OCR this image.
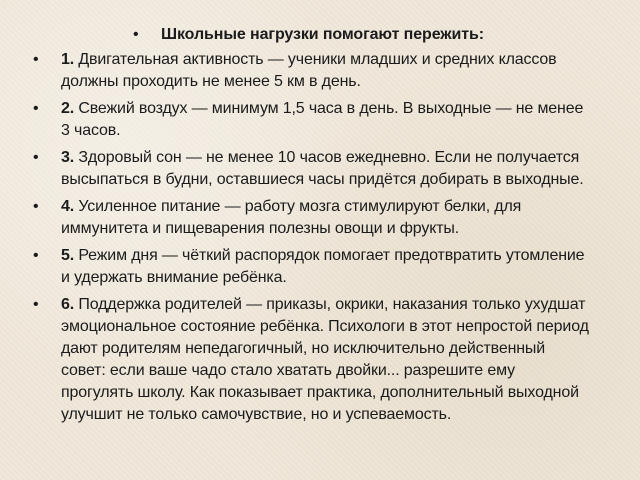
•	Школьные нагрузки помогают пережить:
•	1. Двигательная активность — ученики младших и средних классов должны проходить не менее 5 км в день.
•	2. Свежий воздух — минимум 1,5 часа в день. В выходные — не менее 3 часов.
•	3. Здоровый сон — не менее 10 часов ежедневно. Если не получается высыпаться в будни, оставшиеся часы придётся добирать в выходные.
•	4. Усиленное питание — работу мозга стимулируют белки, для иммунитета и пищеварения полезны овощи и фрукты.
•	5. Режим дня — чёткий распорядок помогает предотвратить утомление и удержать внимание ребёнка.
•	6. Поддержка родителей — приказы, окрики, наказания только ухудшат эмоциональное состояние ребёнка. Психологи в этот непростой период дают родителям непедагогичный, но исключительно действенный совет: если ваше чадо стало хватать двойки... разрешите ему прогулять школу. Как показывает практика, дополнительный выходной улучшит не только самочувствие, но и успеваемость.
